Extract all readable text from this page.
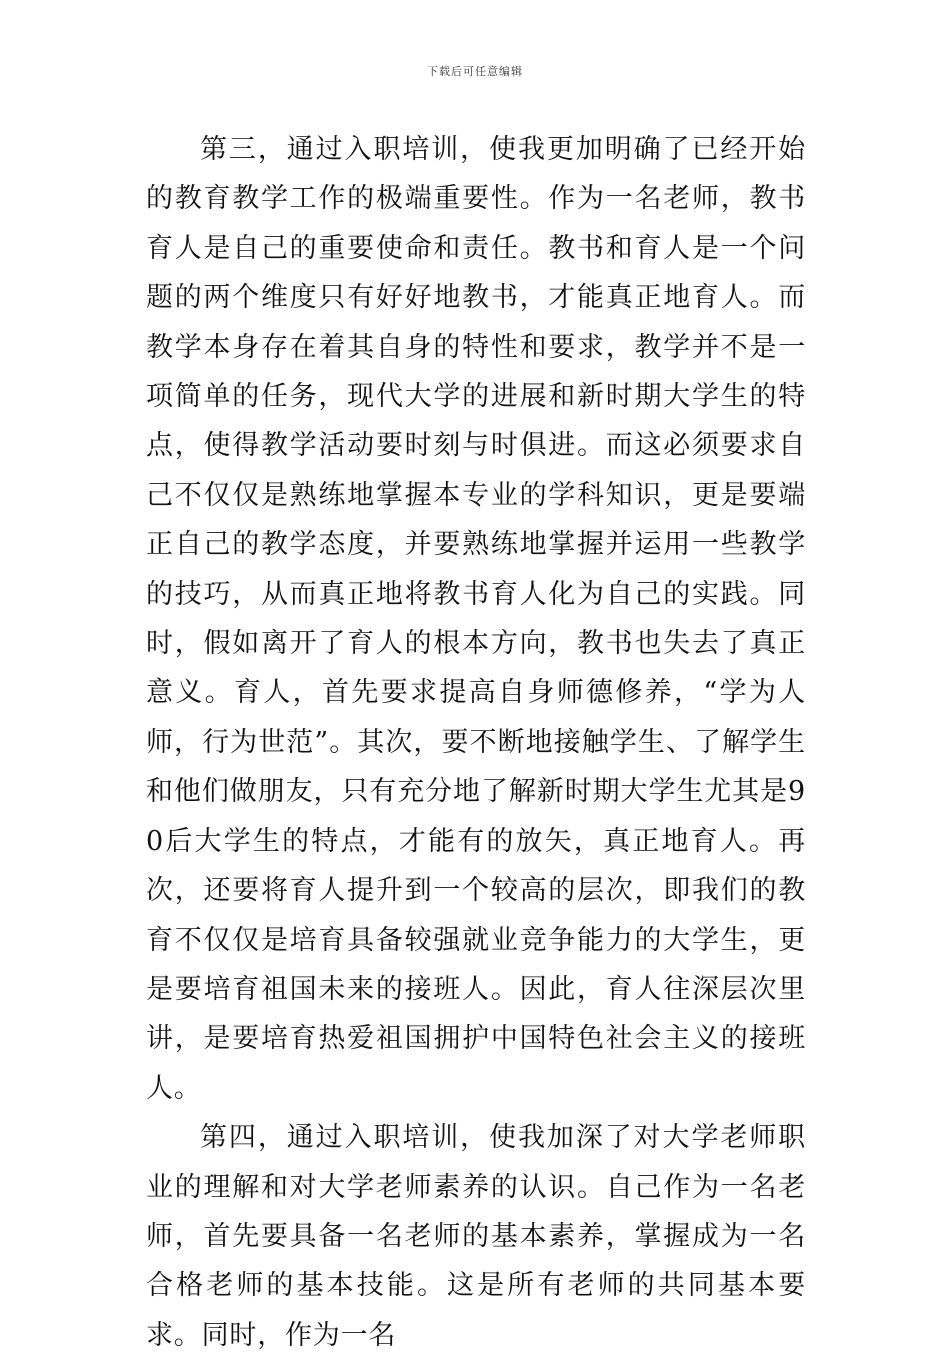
下载后可任意编辑

第三，通过入职培训，使我更加明确了已经开始的教育教学工作的极端重要性。作为一名老师，教书育人是自己的重要使命和责任。教书和育人是一个问题的两个维度只有好好地教书，才能真正地育人。而教学本身存在着其自身的特性和要求，教学并不是一项简单的任务，现代大学的进展和新时期大学生的特点，使得教学活动要时刻与时俱进。而这必须要求自己不仅仅是熟练地掌握本专业的学科知识，更是要端正自己的教学态度，并要熟练地掌握并运用一些教学的技巧，从而真正地将教书育人化为自己的实践。同时，假如离开了育人的根本方向，教书也失去了真正意义。育人，首先要求提高自身师德修养，“学为人师，行为世范”。其次，要不断地接触学生、了解学生和他们做朋友，只有充分地了解新时期大学生尤其是90后大学生的特点，才能有的放矢，真正地育人。再次，还要将育人提升到一个较高的层次，即我们的教育不仅仅是培育具备较强就业竞争能力的大学生，更是要培育祖国未来的接班人。因此，育人往深层次里讲，是要培育热爱祖国拥护中国特色社会主义的接班人。

第四，通过入职培训，使我加深了对大学老师职业的理解和对大学老师素养的认识。自己作为一名老师，首先要具备一名老师的基本素养，掌握成为一名合格老师的基本技能。这是所有老师的共同基本要求。同时，作为一名
